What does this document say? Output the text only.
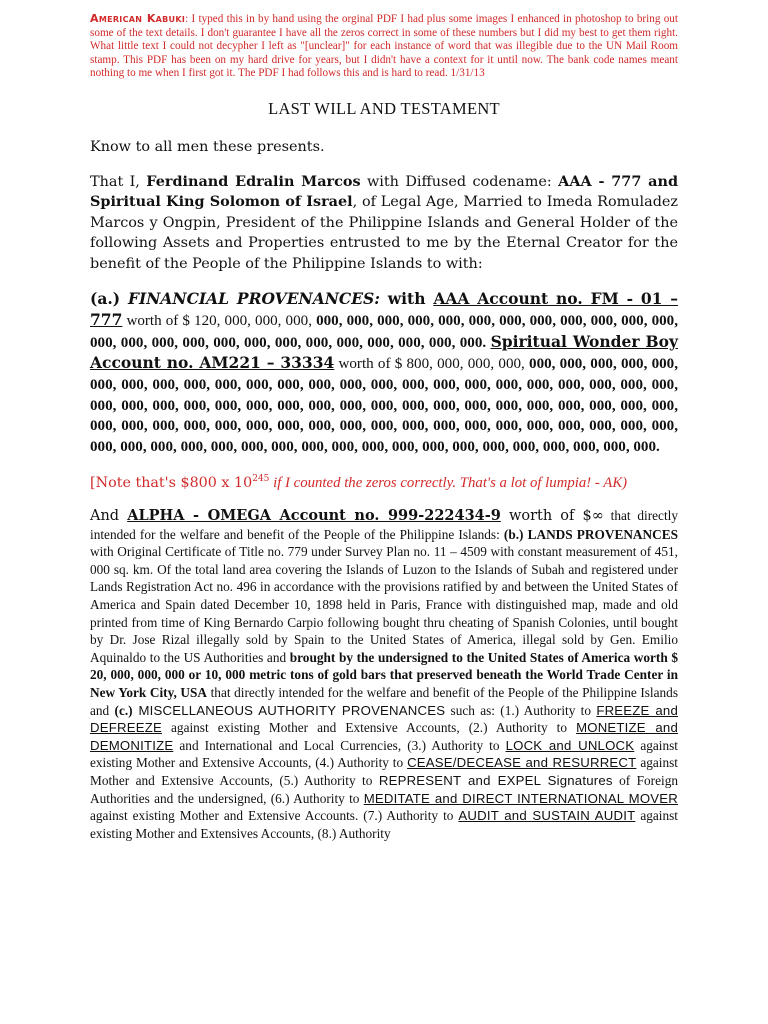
American Kabuki: I typed this in by hand using the orginal PDF I had plus some images I enhanced in photoshop to bring out some of the text details. I don't guarantee I have all the zeros correct in some of these numbers but I did my best to get them right. What little text I could not decypher I left as "[unclear]" for each instance of word that was illegible due to the UN Mail Room stamp. This PDF has been on my hard drive for years, but I didn't have a context for it until now. The bank code names meant nothing to me when I first got it. The PDF I had follows this and is hard to read. 1/31/13
LAST WILL AND TESTAMENT

Know to all men these presents.

That I, Ferdinand Edralin Marcos with Diffused codename: AAA - 777 and Spiritual King Solomon of Israel, of Legal Age, Married to Imeda Romuladez Marcos y Ongpin, President of the Philippine Islands and General Holder of the following Assets and Properties entrusted to me by the Eternal Creator for the benefit of the People of the Philippine Islands to with:

(a.) FINANCIAL PROVENANCES: with AAA Account no. FM - 01 – 777 worth of $ 120, 000, 000, 000, 000, 000, 000, 000, 000, 000, 000, 000, 000, 000, 000, 000, 000, 000, 000, 000, 000, 000, 000, 000, 000, 000, 000, 000, 000. Spiritual Wonder Boy Account no. AM221 – 33334 worth of $ 800, 000, 000, 000, 000, 000, 000, 000, 000, 000, 000, 000, 000, 000, 000, 000, 000, 000, 000, 000, 000, 000, 000, 000, 000, 000, 000, 000, 000, 000, 000, 000, 000, 000, 000, 000, 000, 000, 000, 000, 000, 000, 000, 000, 000, 000, 000, 000, 000, 000, 000, 000, 000, 000, 000, 000, 000, 000, 000, 000, 000, 000, 000, 000, 000, 000, 000, 000, 000, 000, 000, 000, 000, 000, 000, 000, 000, 000, 000, 000, 000, 000, 000, 000, 000.

[Note that's $800 x $10^{245}$ if I counted the zeros correctly. That's a lot of lumpia! - AK)

And ALPHA - OMEGA Account no. 999-222434-9 worth of $∞ that directly intended for the welfare and benefit of the People of the Philippine Islands: (b.) LANDS PROVENANCES with Original Certificate of Title no. 779 under Survey Plan no. 11 – 4509 with constant measurement of 451, 000 sq. km. Of the total land area covering the Islands of Luzon to the Islands of Subah and registered under Lands Registration Act no. 496 in accordance with the provisions ratified by and between the United States of America and Spain dated December 10, 1898 held in Paris, France with distinguished map, made and old printed from time of King Bernardo Carpio following bought thru cheating of Spanish Colonies, until bought by Dr. Jose Rizal illegally sold by Spain to the United States of America, illegal sold by Gen. Emilio Aquinaldo to the US Authorities and brought by the undersigned to the United States of America worth $ 20, 000, 000, 000 or 10, 000 metric tons of gold bars that preserved beneath the World Trade Center in New York City, USA that directly intended for the welfare and benefit of the People of the Philippine Islands and (c.) MISCELLANEOUS AUTHORITY PROVENANCES such as: (1.) Authority to FREEZE and DEFREEZE against existing Mother and Extensive Accounts, (2.) Authority to MONETIZE and DEMONITIZE and International and Local Currencies, (3.) Authority to LOCK and UNLOCK against existing Mother and Extensive Accounts, (4.) Authority to CEASE/DECEASE and RESURRECT against Mother and Extensive Accounts, (5.) Authority to REPRESENT and EXPEL Signatures of Foreign Authorities and the undersigned, (6.) Authority to MEDITATE and DIRECT INTERNATIONAL MOVER against existing Mother and Extensive Accounts. (7.) Authority to AUDIT and SUSTAIN AUDIT against existing Mother and Extensives Accounts, (8.) Authority
